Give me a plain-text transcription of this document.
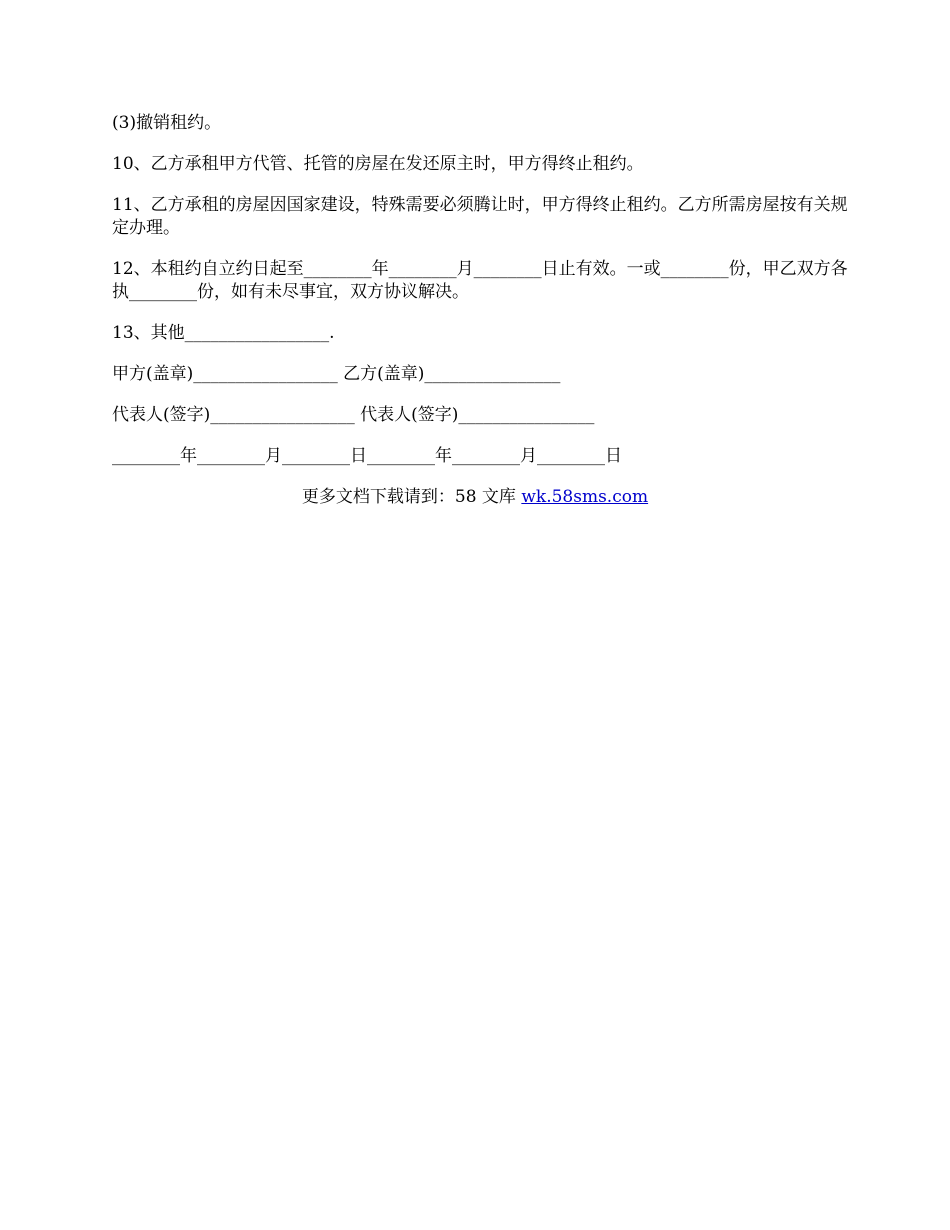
(3)撤销租约。

10、乙方承租甲方代管、托管的房屋在发还原主时，甲方得终止租约。

11、乙方承租的房屋因国家建设，特殊需要必须腾让时，甲方得终止租约。乙方所需房屋按有关规定办理。

12、本租约自立约日起至________年________月________日止有效。一或________份，甲乙双方各执________份，如有未尽事宜，双方协议解决。

13、其他_________________.

甲方(盖章)_________________ 乙方(盖章)________________

代表人(签字)_________________ 代表人(签字)________________

________年________月________日________年________月________日

更多文档下载请到：58 文库 wk.58sms.com
